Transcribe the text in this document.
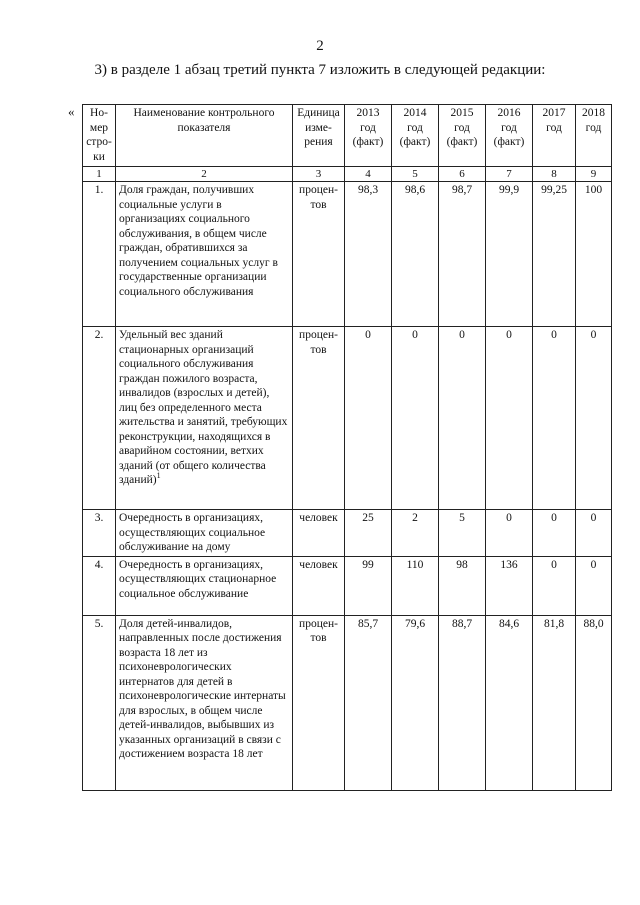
2
3) в разделе 1 абзац третий пункта 7 изложить в следующей редакции:
« Но-мер стро-ки	Наименование контрольного показателя	Единица изме-рения	2013 год (факт)	2014 год (факт)	2015 год (факт)	2016 год (факт)	2017 год	2018 год
1	2	3	4	5	6	7	8	9
1.	Доля граждан, получивших социальные услуги в организациях социального обслуживания, в общем числе граждан, обратившихся за получением социальных услуг в государственные организации социального обслуживания	процен-тов	98,3	98,6	98,7	99,9	99,25	100
2.	Удельный вес зданий стационарных организаций социального обслуживания граждан пожилого возраста, инвалидов (взрослых и детей), лиц без определенного места жительства и занятий, требующих реконструкции, находящихся в аварийном состоянии, ветхих зданий (от общего количества зданий)$^1$	процен-тов	0	0	0	0	0	0
3.	Очередность в организациях, осуществляющих социальное обслуживание на дому	человек	25	2	5	0	0	0
4.	Очередность в организациях, осуществляющих стационарное социальное обслуживание	человек	99	110	98	136	0	0
5.	Доля детей-инвалидов, направленных после достижения возраста 18 лет из психоневрологических интернатов для детей в психоневрологические интернаты для взрослых, в общем числе детей-инвалидов, выбывших из указанных организаций в связи с достижением возраста 18 лет	процен-тов	85,7	79,6	88,7	84,6	81,8	88,0
